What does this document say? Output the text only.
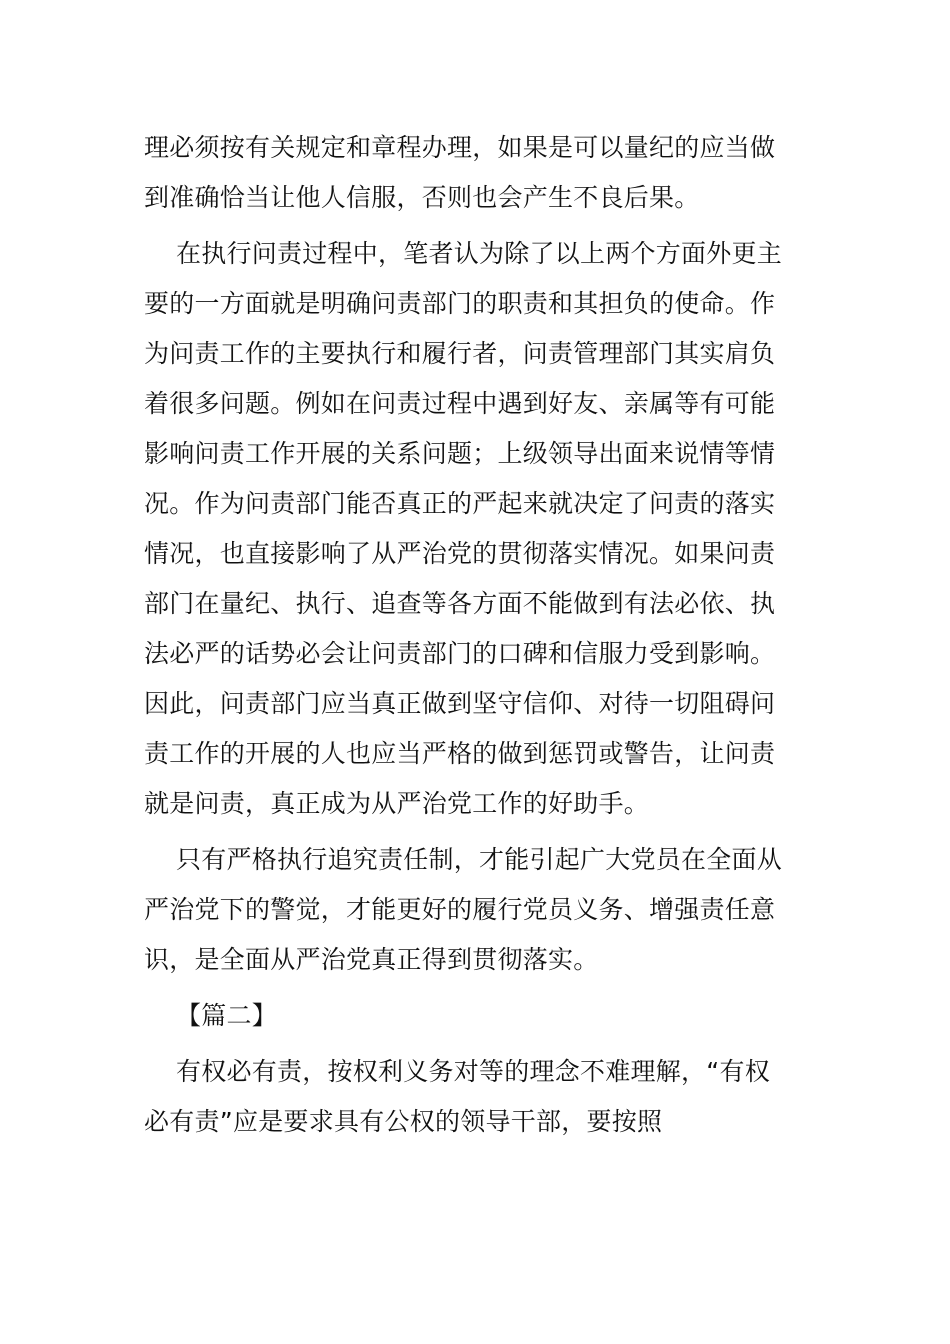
理必须按有关规定和章程办理，如果是可以量纪的应当做
到准确恰当让他人信服，否则也会产生不良后果。
在执行问责过程中，笔者认为除了以上两个方面外更主
要的一方面就是明确问责部门的职责和其担负的使命。作
为问责工作的主要执行和履行者，问责管理部门其实肩负
着很多问题。例如在问责过程中遇到好友、亲属等有可能
影响问责工作开展的关系问题；上级领导出面来说情等情
况。作为问责部门能否真正的严起来就决定了问责的落实
情况，也直接影响了从严治党的贯彻落实情况。如果问责
部门在量纪、执行、追查等各方面不能做到有法必依、执
法必严的话势必会让问责部门的口碑和信服力受到影响。
因此，问责部门应当真正做到坚守信仰、对待一切阻碍问
责工作的开展的人也应当严格的做到惩罚或警告，让问责
就是问责，真正成为从严治党工作的好助手。
只有严格执行追究责任制，才能引起广大党员在全面从
严治党下的警觉，才能更好的履行党员义务、增强责任意
识，是全面从严治党真正得到贯彻落实。
【篇二】
有权必有责，按权利义务对等的理念不难理解，“有权
必有责”应是要求具有公权的领导干部，要按照
